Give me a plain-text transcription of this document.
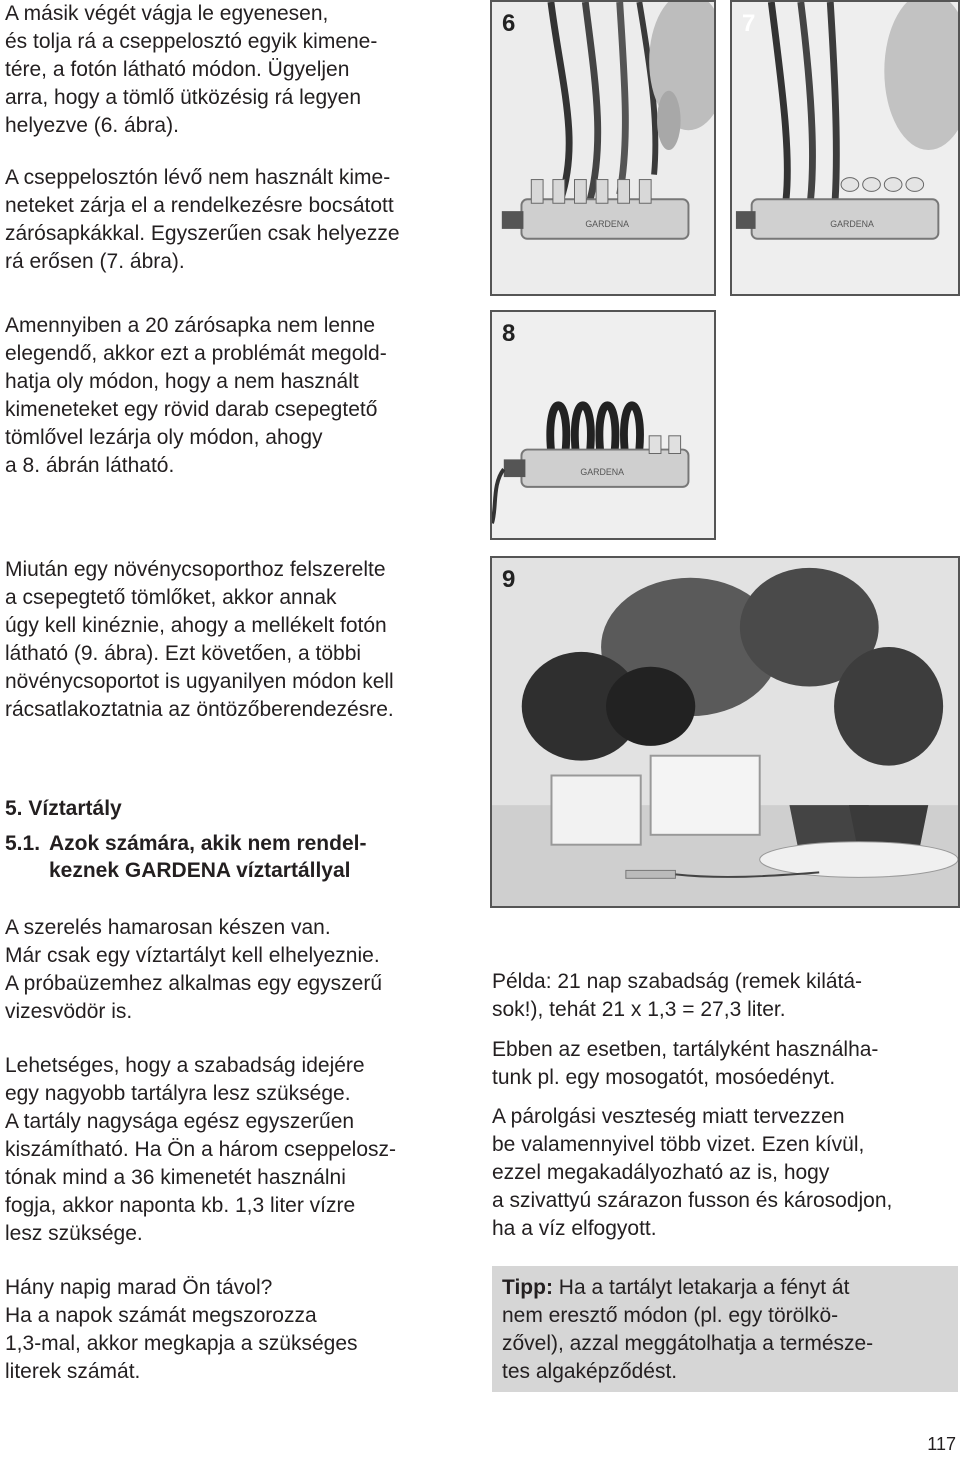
A másik végét vágja le egyenesen,
és tolja rá a cseppelosztó egyik kimene-
tére, a fotón látható módon. Ügyeljen
arra, hogy a tömlő ütközésig rá legyen
helyezve (6. ábra).

A cseppelosztón lévő nem használt kime-
neteket zárja el a rendelkezésre bocsátott
zárósapkákkal. Egyszerűen csak helyezze
rá erősen (7. ábra).

Amennyiben a 20 zárósapka nem lenne
elegendő, akkor ezt a problémát megold-
hatja oly módon, hogy a nem használt
kimeneteket egy rövid darab csepegtető
tömlővel lezárja oly módon, ahogy
a 8. ábrán látható.

Miután egy növénycsoporthoz felszerelte
a csepegtető tömlőket, akkor annak
úgy kell kinéznie, ahogy a mellékelt fotón
látható (9. ábra). Ezt követően, a többi
növénycsoportot is ugyanilyen módon kell
rácsatlakoztatnia az öntözőberendezésre.

5. Víztartály

5.1. Azok számára, akik nem rendel-

keznek GARDENA víztartállyal

A szerelés hamarosan készen van.
Már csak egy víztartályt kell elhelyeznie.
A próbaüzemhez alkalmas egy egyszerű
vizesvödör is.

Lehetséges, hogy a szabadság idejére
egy nagyobb tartályra lesz szüksége.
A tartály nagysága egész egyszerűen
kiszámítható. Ha Ön a három cseppelosz-
tónak mind a 36 kimenetét használni
fogja, akkor naponta kb. 1,3 liter vízre
lesz szüksége.

Hány napig marad Ön távol?
Ha a napok számát megszorozza
1,3-mal, akkor megkapja a szükséges
literek számát.

GARDENA
6
GARDENA
7
GARDENA
8
9

Példa: 21 nap szabadság (remek kilátá-
sok!), tehát 21 x 1,3 = 27,3 liter.

Ebben az esetben, tartályként használha-
tunk pl. egy mosogatót, mosóedényt.

A párolgási veszteség miatt tervezzen
be valamennyivel több vizet. Ezen kívül,
ezzel megakadályozható az is, hogy
a szivattyú szárazon fusson és károsodjon,
ha a víz elfogyott.

Tipp: Ha a tartályt letakarja a fényt át
nem eresztő módon (pl. egy törölkö-
zővel), azzal meggátolhatja a természe-
tes algaképződést.

117
